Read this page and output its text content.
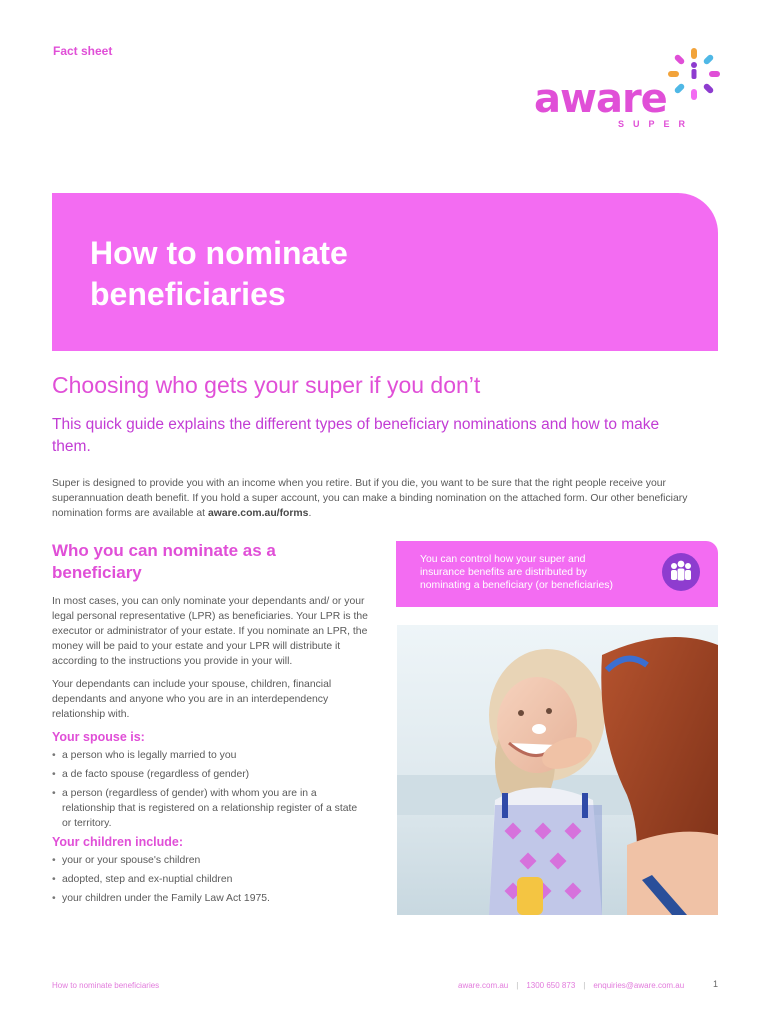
Fact sheet
aware
SUPER
How to nominate beneficiaries
Choosing who gets your super if you don’t

This quick guide explains the different types of beneficiary nominations and how to make them.

Super is designed to provide you with an income when you retire. But if you die, you want to be sure that the right people receive your superannuation death benefit. If you hold a super account, you can make a binding nomination on the attached form. Our other beneficiary nomination forms are available at aware.com.au/forms.

Who you can nominate as a beneficiary

In most cases, you can only nominate your dependants and/ or your legal personal representative (LPR) as beneficiaries. Your LPR is the executor or administrator of your estate. If you nominate an LPR, the money will be paid to your estate and your LPR will distribute it according to the instructions you provide in your will.

Your dependants can include your spouse, children, financial dependants and anyone who you are in an interdependency relationship with.

Your spouse is:
• a person who is legally married to you
• a de facto spouse (regardless of gender)
• a person (regardless of gender) with whom you are in a relationship that is registered on a relationship register of a state or territory.
Your children include:
• your or your spouse's children
• adopted, step and ex-nuptial children
• your children under the Family Law Act 1975.

You can control how your super and insurance benefits are distributed by nominating a beneficiary (or beneficiaries)

How to nominate beneficiaries	aware.com.au | 1300 650 873 | enquiries@aware.com.au	1
